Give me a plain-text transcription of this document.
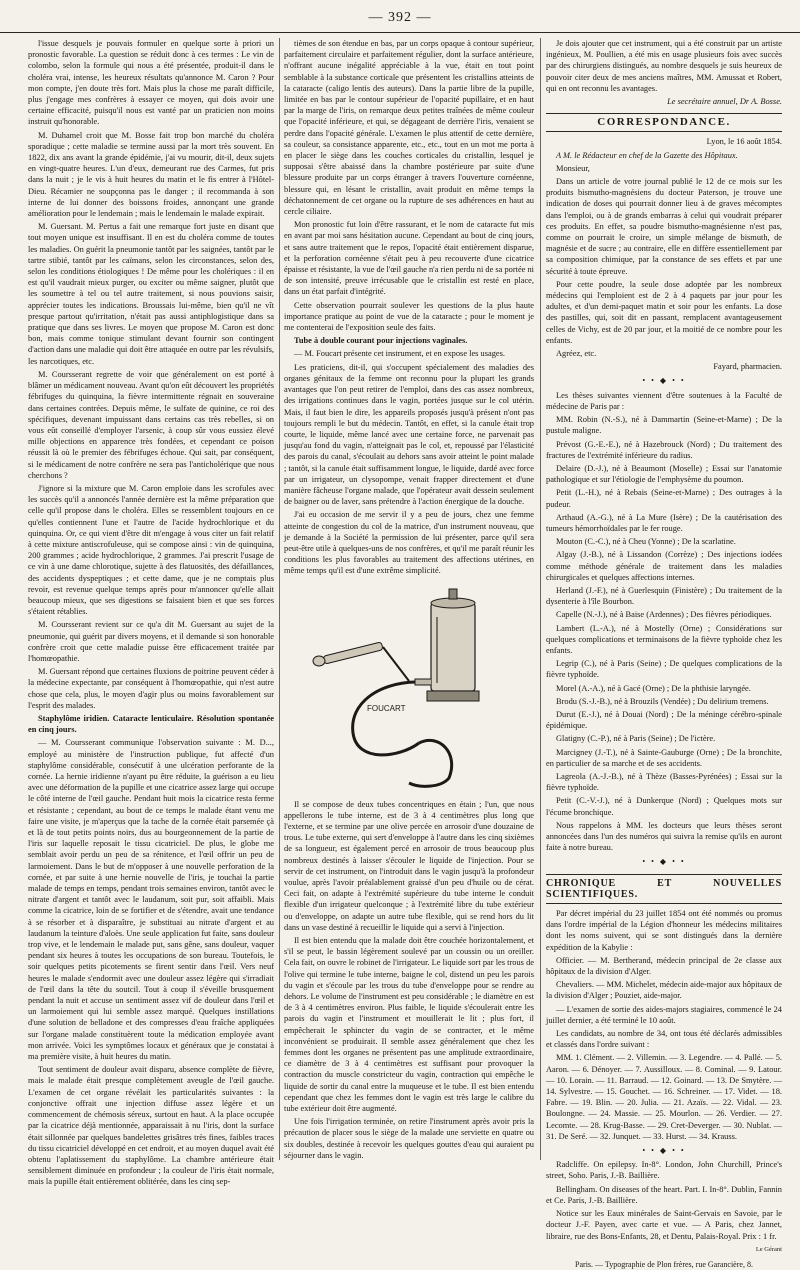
— 392 —

l'issue desquels je pouvais formuler en quelque sorte à priori un pronostic favorable. La question se réduit donc à ces termes : Le vin de colombo, selon la formule qui nous a été présentée, produit-il dans le choléra vrai, intense, les heureux résultats qu'annonce M. Caron ? Pour mon compte, j'en doute très fort. Mais plus la chose me paraît difficile, plus j'engage mes confrères à essayer ce moyen, qui dois avoir une certaine efficacité, puisqu'il nous est vanté par un praticien non moins instruit qu'honorable.

M. Duhamel croit que M. Bosse fait trop bon marché du choléra sporadique ; cette maladie se termine aussi par la mort très souvent. En 1822, dix ans avant la grande épidémie, j'ai vu mourir, dit-il, deux sujets en vingt-quatre heures. L'un d'eux, demeurant rue des Carmes, fut pris dans la nuit ; je le vis à huit heures du matin et le fis entrer à l'Hôtel-Dieu. Récamier ne soupçonna pas le danger ; il recommanda à son interne de lui donner des boissons froides, annonçant une grande amélioration pour le lendemain ; mais le lendemain le malade expirait.

M. Guersant. M. Pertus a fait une remarque fort juste en disant que tout moyen unique est insuffisant. Il en est du choléra comme de toutes les maladies. On guérit la pneumonie tantôt par les saignées, tantôt par le tartre stibié, tantôt par les caïmans, selon les circonstances, selon des, selon les conditions étiologiques ! De même pour les cholériques : il en est qu'il vaudrait mieux purger, ou exciter ou même saigner, plutôt que les soumettre à tel ou tel autre traitement, si nous pouvions saisir, apprécier toutes les indications. Broussais lui-même, bien qu'il ne vît presque partout qu'irritation, n'était pas aussi antiphlogistique dans sa pratique que dans ses livres. Le moyen que propose M. Caron est donc bon, mais comme tonique stimulant devant fournir son contingent d'action dans une maladie qui doit être attaquée en outre par les révulsifs, les narcotiques, etc.

M. Coursserant regrette de voir que généralement on est porté à blâmer un médicament nouveau. Avant qu'on eût découvert les propriétés fébrifuges du quinquina, la fièvre intermittente régnait en souveraine dans certaines contrées. Depuis même, le sulfate de quinine, ce roi des spécifiques, devenant impuissant dans certains cas très rebelles, si on vous eût conseillé d'employer l'arsenic, à coup sûr vous eussiez élevé mille objections en apparence très fondées, et cependant ce poison réussit là où le premier des fébrifuges échoue. Qui sait, par conséquent, si le médicament de notre confrère ne sera pas l'anticholérique que nous cherchons ?

J'ignore si la mixture que M. Caron emploie dans les scrofules avec les succès qu'il a annoncés l'année dernière est la même préparation que celle qu'il propose dans le choléra. Elles se ressemblent toujours en ce qu'elles contiennent l'une et l'autre de l'acide hydrochlorique et du quinquina. Or, ce qui vient d'être dit m'engage à vous citer un fait relatif à cette mixture antiscrofuleuse, qui se compose ainsi : vin de quinquina, 200 grammes ; acide hydrochlorique, 2 grammes. J'ai prescrit l'usage de ce vin à une dame chlorotique, sujette à des flatuosités, des défaillances, des accidents dyspeptiques ; et cette dame, que je ne comptais plus revoir, est revenue quelque temps après pour m'annoncer qu'elle allait beaucoup mieux, que ses digestions se faisaient bien et que ses forces s'étaient rétablies.

M. Coursserant revient sur ce qu'a dit M. Guersant au sujet de la pneumonie, qui guérit par divers moyens, et il demande si son honorable confrère croit que cette maladie puisse être efficacement traitée par l'homœopathie.

M. Guersant répond que certaines fluxions de poitrine peuvent céder à la médecine expectante, par conséquent à l'homœopathie, qui n'est autre chose que cela, plus, le moyen d'agir plus ou moins favorablement sur l'esprit des malades.

Staphylôme iridien. Cataracte lenticulaire. Résolution spontanée en cinq jours.

— M. Coursserant communique l'observation suivante : M. D..., employé au ministère de l'instruction publique, fut affecté d'un staphylôme considérable, consécutif à une ulcération perforante de la cornée. La hernie iridienne n'ayant pu être réduite, la guérison a eu lieu avec une déformation de la pupille et une cicatrice assez large qui occupe le côté interne de l'œil gauche. Pendant huit mois la cicatrice resta ferme et résistante ; cependant, au bout de ce temps le malade étant venu me faire une visite, je m'aperçus que la tache de la cornée était parsemée çà et là de tout petits points noirs, dus au bourgeonnement de la partie de l'iris sur laquelle reposait le tissu cicatriciel. De plus, le globe me semblait avoir perdu un peu de sa rénitence, et l'œil offrir un peu de larmoiement. Dans le but de m'opposer à une nouvelle perforation de la cornée, et par suite à une hernie nouvelle de l'iris, je touchai la partie malade de temps en temps, pendant trois semaines environ, tantôt avec le nitrate d'argent et tantôt avec le laudanum, soit pur, soit affaibli. Mais comme la cicatrice, loin de se fortifier et de s'étendre, avait une tendance à se résorber et à disparaître, je substituai au nitrate d'argent et au laudanum la teinture d'aloès. Une seule application fut faite, sans douleur trop vive, et le lendemain le malade put, sans gêne, sans douleur, vaquer pendant six heures à toutes les occupations de son bureau. Toutefois, le soir quelques petits picotements se firent sentir dans l'œil. Vers neuf heures le malade s'endormit avec une douleur assez légère qui s'irradiait de l'œil dans la tête du soutcil. Tout à coup il s'éveille brusquement pendant la nuit et accuse un sentiment assez vif de douleur dans l'œil et un larmoiement qui lui semble assez marqué. Quelques instillations d'une solution de belladone et des compresses d'eau fraîche appliquées sur l'organe malade constituèrent toute la médication employée avant mon arrivée. Voici les symptômes locaux et généraux que je constatai à ma première visite, à huit heures du matin.

Tout sentiment de douleur avait disparu, absence complète de fièvre, mais le malade était presque complètement aveugle de l'œil gauche. L'examen de cet organe révélait les particularités suivantes : la conjonctive offrait une injection diffuse assez légère et un commencement de chémosis séreux, surtout en haut. A la place occupée par la cicatrice déjà mentionnée, apparaissait à nu l'iris, dont la surface était sillonnée par quelques bandelettes grisâtres très fines, faibles traces du tissu cicatriciel développé en cet endroit, et au moyen duquel avait été obtenu l'aplatissement du staphylôme. La chambre antérieure était sensiblement diminuée en profondeur ; la couleur de l'iris était normale, mais la pupille était entièrement oblitérée, dans les cinq sep-

tièmes de son étendue en bas, par un corps opaque à contour supérieur, parfaitement circulaire et parfaitement régulier, dont la surface antérieure, n'offrant aucune inégalité appréciable à la vue, était en tout point semblable à la substance corticale que présentent les cristallins atteints de la cataracte (caligo lentis des auteurs). Dans la partie libre de la pupille, limitée en bas par le contour supérieur de l'opacité pupillaire, et en haut par la marge de l'iris, on remarque deux petites traînées de même couleur que l'opacité inférieure, et qui, se dégageant de derrière l'iris, venaient se perdre dans l'opacité générale. L'examen le plus attentif de cette dernière, sa couleur, sa consistance apparente, etc., etc., tout en un mot me porta à en placer le siège dans les couches corticales du cristallin, lesquel je supposai s'être abaissé dans la chambre postérieure par suite d'une blessure produite par un corps étranger à travers l'ouverture cornéenne, blessure qui, en lésant le cristallin, avait produit en même temps la déchatonnement de cet organe ou la rupture de ses adhérences en haut au cercle ciliaire.

Mon pronostic fut loin d'être rassurant, et le nom de cataracte fut mis en avant par moi sans hésitation aucune. Cependant au bout de cinq jours, et sans autre traitement que le repos, l'opacité était entièrement disparue, et la perforation cornéenne s'était peu à peu recouverte d'une cicatrice épaisse et résistante, la vue de l'œil gauche n'a rien perdu ni de sa portée ni de son intensité, preuve irrécusable que le cristallin est resté en place, dans un état parfait d'intégrité.

Cette observation pourrait soulever les questions de la plus haute importance pratique au point de vue de la cataracte ; pour le moment je me contenterai de l'exposition seule des faits.

Tube à double courant pour injections vaginales.

— M. Foucart présente cet instrument, et en expose les usages.

Les praticiens, dit-il, qui s'occupent spécialement des maladies des organes génitaux de la femme ont reconnu pour la plupart les grands avantages que l'on peut retirer de l'emploi, dans des cas assez nombreux, des irrigations continues dans le vagin, portées jusque sur le col utérin. Mais, il faut bien le dire, les appareils proposés jusqu'à présent n'ont pas toujours rempli le but du médecin. Tantôt, en effet, si la canule était trop courte, le liquide, même lancé avec une certaine force, ne parvenait pas jusqu'au fond du vagin, n'atteignait pas le col, et, repoussé par l'élasticité des parois du canal, s'écoulait au dehors sans avoir atteint le point malade ; tantôt, si la canule était suffisamment longue, le liquide, dardé avec force par un irrigateur, un clysopompe, venait frapper directement et d'une manière fâcheuse l'organe malade, que l'opérateur avait dessein seulement de baigner ou de laver, sans prétendre à l'action énergique de la douche.

J'ai eu occasion de me servir il y a peu de jours, chez une femme atteinte de congestion du col de la matrice, d'un instrument nouveau, que je demande à la Société la permission de lui présenter, parce qu'il sera peut-être utile à quelques-uns de nos confrères, et qu'il me paraît réunir les conditions les plus favorables au traitement des affections utérines, en même temps qu'il est d'une extrême simplicité.

FOUCART

Il se compose de deux tubes concentriques en étain ; l'un, que nous appellerons le tube interne, est de 3 à 4 centimètres plus long que l'externe, et se termine par une olive percée en arrosoir d'une douzaine de trous. Le tube externe, qui sert d'enveloppe à l'autre dans les cinq sixièmes de sa longueur, est également percé en arrosoir de trous beaucoup plus nombreux destinés à laisser s'écouler le liquide de l'injection. Pour se servir de cet instrument, on l'introduit dans le vagin jusqu'à la profondeur voulue, après l'avoir préalablement graissé d'un peu d'huile ou de cérat. Ceci fait, on adapte à l'extrémité supérieure du tube interne le conduit flexible d'un irrigateur quelconque ; à l'extrémité libre du tube extérieur ou d'enveloppe, on adapte un autre tube flexible, qui se rend hors du lit dans un vase destiné à recueillir le liquide qui a servi à l'injection.

Il est bien entendu que la malade doit être couchée horizontalement, et s'il se peut, le bassin légèrement soulevé par un coussin ou un oreiller. Cela fait, on ouvre le robinet de l'irrigateur. Le liquide sort par les trous de l'olive qui termine le tube interne, baigne le col, distend un peu les parois du vagin et s'écoule par les trous du tube d'enveloppe pour se rendre au dehors. Le volume de l'instrument est peu considérable ; le diamètre en est de 3 à 4 centimètres environ. Plus faible, le liquide s'écoulerait entre les parois du vagin et l'instrument et mouillerait le lit ; plus fort, il empêcherait le sphincter du vagin de se contracter, et le même inconvénient se produirait. Il semble assez généralement que chez les femmes dont les organes ne présentent pas une amplitude extraordinaire, ce diamètre de 3 à 4 centimètres est suffisant pour provoquer la contraction du muscle constricteur du vagin, contraction qui empêche le liquide de sortir du canal entre la muqueuse et le tube. Il est bien entendu cependant que chez les femmes dont le vagin est très large le calibre du tube extérieur doit être augmenté.

Une fois l'irrigation terminée, on retire l'instrument après avoir pris la précaution de placer sous le siège de la malade une serviette en quatre ou six doubles, destinée à recevoir les quelques gouttes d'eau qui auraient pu séjourner dans le vagin.

Je dois ajouter que cet instrument, qui a été construit par un artiste ingénieux, M. Poullien, a été mis en usage plusieurs fois avec succès par des chirurgiens distingués, au nombre desquels je suis heureux de pouvoir citer deux de mes anciens maîtres, MM. Amussat et Robert, qui en ont reconnu les avantages.

Le secrétaire annuel, Dr A. Bosse.

CORRESPONDANCE.

Lyon, le 16 août 1854.

A M. le Rédacteur en chef de la Gazette des Hôpitaux.

Monsieur,

Dans un article de votre journal publié le 12 de ce mois sur les produits bismutho-magnésiens du docteur Paterson, je trouve une indication de doses qui pourrait donner lieu à de graves mécomptes dans l'emploi, ou à de grands embarras à celui qui voudrait préparer ces produits. En effet, sa poudre bismutho-magnésienne n'est pas, comme on pourrait le croire, un simple mélange de bismuth, de magnésie et de sucre ; au contraire, elle en diffère essentiellement par sa composition chimique, par la constance de ses effets et par une sécurité à toute épreuve.

Pour cette poudre, la seule dose adoptée par les nombreux médecins qui l'emploient est de 2 à 4 paquets par jour pour les adultes, et d'un demi-paquet matin et soir pour les enfants. La dose des pastilles, qui, soit dit en passant, remplacent avantageusement celles de Vichy, est de 20 par jour, et la moitié de ce nombre pour les enfants.

Agréez, etc.

Fayard, pharmacien.

• • ◆ • •

Les thèses suivantes viennent d'être soutenues à la Faculté de médecine de Paris par :

MM. Robin (N.-S.), né à Dammartin (Seine-et-Marne) ; De la pustule maligne.

Prévost (G.-E.-E.), né à Hazebrouck (Nord) ; Du traitement des fractures de l'extrémité inférieure du radius.

Delaire (D.-J.), né à Beaumont (Moselle) ; Essai sur l'anatomie pathologique et sur l'étiologie de l'emphysème du poumon.

Petit (L.-H.), né à Rebais (Seine-et-Marne) ; Des outrages à la pudeur.

Arthaud (A.-G.), né à La Mure (Isère) ; De la cautérisation des tumeurs hémorrhoïdales par le fer rouge.

Mouton (C.-C.), né à Cheu (Yonne) ; De la scarlatine.

Algay (J.-B.), né à Lissandon (Corrèze) ; Des injections iodées comme méthode générale de traitement dans les maladies chirurgicales et quelques affections internes.

Herland (J.-F.), né à Guerlesquin (Finistère) ; Du traitement de la dysenterie à l'île Bourbon.

Capelle (N.-J.), né à Baise (Ardennes) ; Des fièvres périodiques.

Lambert (L.-A.), né à Mostelly (Orne) ; Considérations sur quelques complications et terminaisons de la fièvre typhoïde chez les enfants.

Legrip (C.), né à Paris (Seine) ; De quelques complications de la fièvre typhoïde.

Morel (A.-A.), né à Gacé (Orne) ; De la phthisie laryngée.

Brodu (S.-J.-B.), né à Brouzils (Vendée) ; Du delirium tremens.

Durut (E.-J.), né à Douai (Nord) ; De la méninge cérébro-spinale épidémique.

Glatigny (C.-P.), né à Paris (Seine) ; De l'ictère.

Marcigney (J.-T.), né à Sainte-Gauburge (Orne) ; De la bronchite, en particulier de sa marche et de ses accidents.

Lagreola (A.-J.-B.), né à Thèze (Basses-Pyrénées) ; Essai sur la fièvre typhoïde.

Petit (C.-V.-J.), né à Dunkerque (Nord) ; Quelques mots sur l'écume bronchique.

Nous rappelons à MM. les docteurs que leurs thèses seront annoncées dans l'un des numéros qui suivra la remise qu'ils en auront faite à notre bureau.

• • ◆ • •
CHRONIQUE ET NOUVELLES SCIENTIFIQUES.

Par décret impérial du 23 juillet 1854 ont été nommés ou promus dans l'ordre impérial de la Légion d'honneur les médecins militaires dont les noms suivent, qui se sont distingués dans la dernière expédition de la Kabylie :

Officier. — M. Bertherand, médecin principal de 2e classe aux hôpitaux de la division d'Alger.

Chevaliers. — MM. Michelet, médecin aide-major aux hôpitaux de la division d'Alger ; Pouziet, aide-major.

— L'examen de sortie des aides-majors stagiaires, commencé le 24 juillet dernier, a été terminé le 10 août.

Les candidats, au nombre de 34, ont tous été déclarés admissibles et classés dans l'ordre suivant :

MM. 1. Clément. — 2. Villemin. — 3. Legendre. — 4. Pallé. — 5. Aaron. — 6. Dénoyer. — 7. Aussilloux. — 8. Cominal. — 9. Latour. — 10. Lorain. — 11. Barraud. — 12. Goinard. — 13. De Smytère. — 14. Sylvestre. — 15. Gouchet. — 16. Schreiner. — 17. Videt. — 18. Fabre. — 19. Blin. — 20. Julia. — 21. Azaïs. — 22. Vidal. — 23. Boulongne. — 24. Massie. — 25. Mourlon. — 26. Verdier. — 27. Lecomte. — 28. Krug-Basse. — 29. Cret-Deverger. — 30. Nublat. — 31. De Seré. — 32. Junquet. — 33. Hurst. — 34. Krauss.

• • ◆ • •

Radcliffe. On epilepsy. In-8°. London, John Churchill, Prince's street, Soho. Paris, J.-B. Baillière.

Bellingham. On diseases of the heart. Part. I. In-8°. Dublin, Fannin et Ce. Paris, J.-B. Baillière.

Notice sur les Eaux minérales de Saint-Gervais en Savoie, par le docteur J.-F. Payen, avec carte et vue. — A Paris, chez Jannet, libraire, rue des Bons-Enfants, 28, et Dentu, Palais-Royal. Prix : 1 fr.

Le Gérant

Paris. — Typographie de Plon frères, rue Garancière, 8.
